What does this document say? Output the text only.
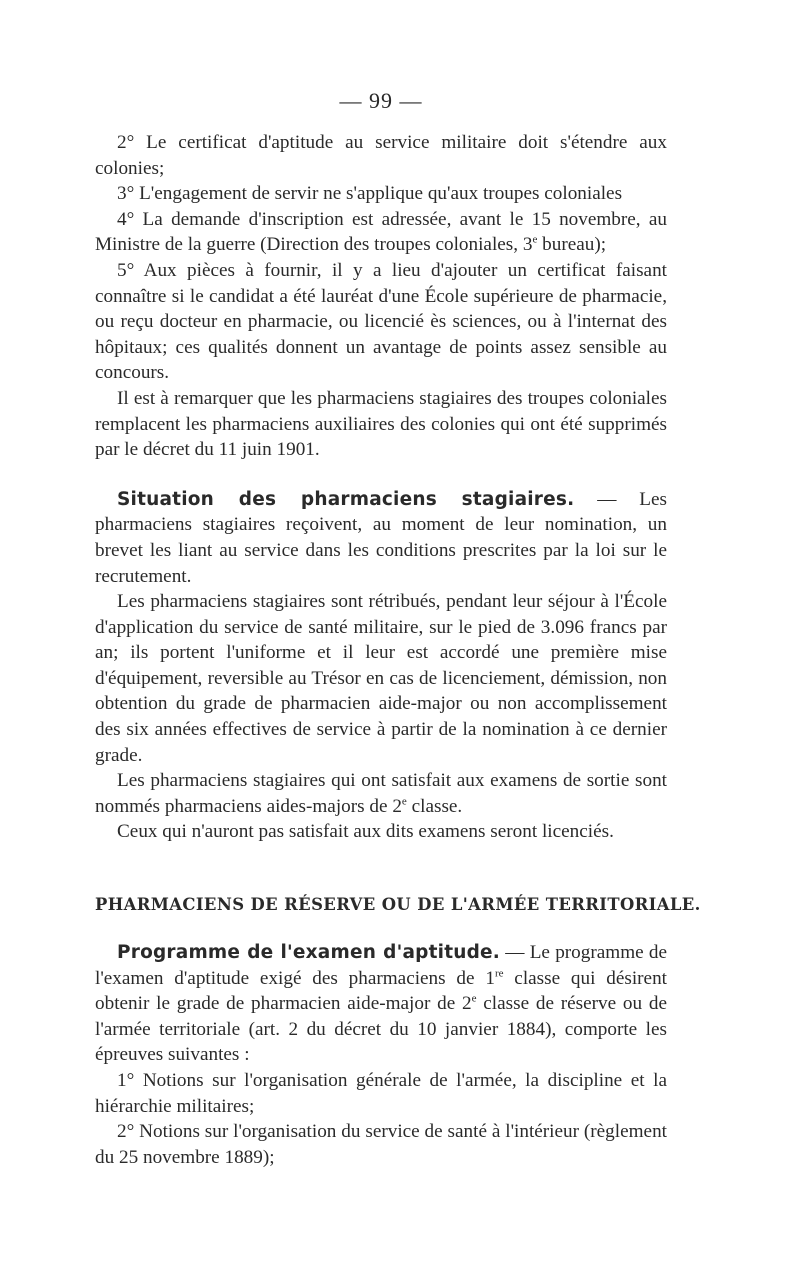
— 99 —

2° Le certificat d'aptitude au service militaire doit s'étendre aux colonies;

3° L'engagement de servir ne s'applique qu'aux troupes coloniales

4° La demande d'inscription est adressée, avant le 15 novembre, au Ministre de la guerre (Direction des troupes coloniales, 3e bureau);

5° Aux pièces à fournir, il y a lieu d'ajouter un certificat faisant connaître si le candidat a été lauréat d'une École supérieure de pharmacie, ou reçu docteur en pharmacie, ou licencié ès sciences, ou à l'internat des hôpitaux; ces qualités donnent un avantage de points assez sensible au concours.

Il est à remarquer que les pharmaciens stagiaires des troupes coloniales remplacent les pharmaciens auxiliaires des colonies qui ont été supprimés par le décret du 11 juin 1901.

Situation des pharmaciens stagiaires. — Les pharmaciens stagiaires reçoivent, au moment de leur nomination, un brevet les liant au service dans les conditions prescrites par la loi sur le recrutement.

Les pharmaciens stagiaires sont rétribués, pendant leur séjour à l'École d'application du service de santé militaire, sur le pied de 3.096 francs par an; ils portent l'uniforme et il leur est accordé une première mise d'équipement, reversible au Trésor en cas de licenciement, démission, non obtention du grade de pharmacien aide-major ou non accomplissement des six années effectives de service à partir de la nomination à ce dernier grade.

Les pharmaciens stagiaires qui ont satisfait aux examens de sortie sont nommés pharmaciens aides-majors de 2e classe.

Ceux qui n'auront pas satisfait aux dits examens seront licenciés.

PHARMACIENS DE RÉSERVE OU DE L'ARMÉE TERRITORIALE.

Programme de l'examen d'aptitude. — Le programme de l'examen d'aptitude exigé des pharmaciens de 1re classe qui désirent obtenir le grade de pharmacien aide-major de 2e classe de réserve ou de l'armée territoriale (art. 2 du décret du 10 janvier 1884), comporte les épreuves suivantes :

1° Notions sur l'organisation générale de l'armée, la discipline et la hiérarchie militaires;

2° Notions sur l'organisation du service de santé à l'intérieur (règlement du 25 novembre 1889);
